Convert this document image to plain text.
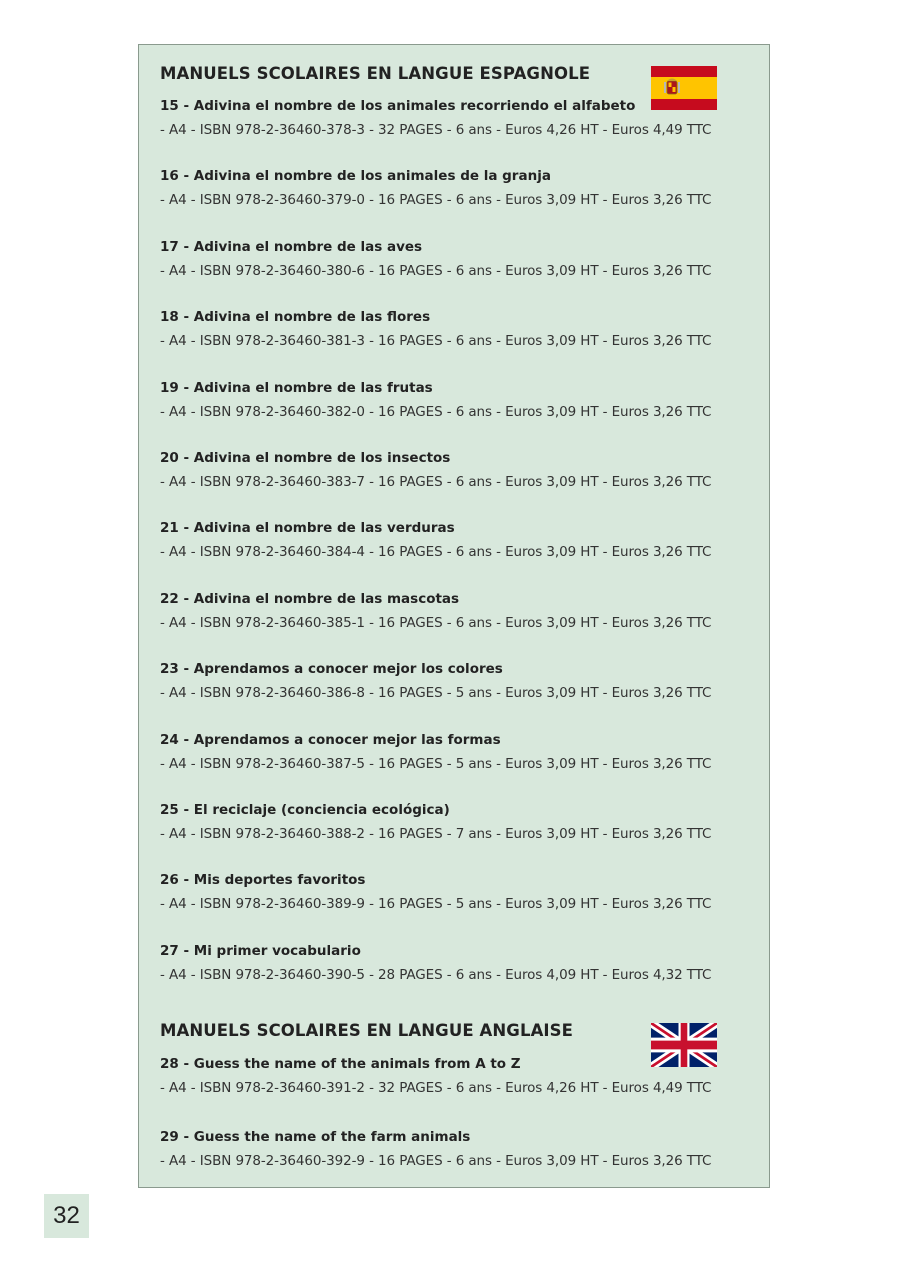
MANUELS SCOLAIRES EN LANGUE ESPAGNOLE
15 - Adivina el nombre de los animales recorriendo el alfabeto
- A4 - ISBN 978-2-36460-378-3 - 32 PAGES - 6 ans - Euros 4,26 HT - Euros 4,49 TTC
16 - Adivina el nombre de los animales de la granja
- A4 - ISBN 978-2-36460-379-0 - 16 PAGES - 6 ans - Euros 3,09 HT - Euros 3,26 TTC
17 - Adivina el nombre de las aves
- A4 - ISBN 978-2-36460-380-6 - 16 PAGES - 6 ans - Euros 3,09 HT - Euros 3,26 TTC
18 - Adivina el nombre de las flores
- A4 - ISBN 978-2-36460-381-3 - 16 PAGES - 6 ans - Euros 3,09 HT - Euros 3,26 TTC
19 - Adivina el nombre de las frutas
- A4 - ISBN 978-2-36460-382-0 - 16 PAGES - 6 ans - Euros 3,09 HT - Euros 3,26 TTC
20 - Adivina el nombre de los insectos
- A4 - ISBN 978-2-36460-383-7 - 16 PAGES - 6 ans - Euros 3,09 HT - Euros 3,26 TTC
21 - Adivina el nombre de las verduras
- A4 - ISBN 978-2-36460-384-4 - 16 PAGES - 6 ans - Euros 3,09 HT - Euros 3,26 TTC
22 - Adivina el nombre de las mascotas
- A4 - ISBN 978-2-36460-385-1 - 16 PAGES - 6 ans - Euros 3,09 HT - Euros 3,26 TTC
23 - Aprendamos a conocer mejor los colores
- A4 - ISBN 978-2-36460-386-8 - 16 PAGES - 5 ans - Euros 3,09 HT - Euros 3,26 TTC
24 - Aprendamos a conocer mejor las formas
- A4 - ISBN 978-2-36460-387-5 - 16 PAGES - 5 ans - Euros 3,09 HT - Euros 3,26 TTC
25 - El reciclaje (conciencia ecológica)
- A4 - ISBN 978-2-36460-388-2 - 16 PAGES - 7 ans - Euros 3,09 HT - Euros 3,26 TTC
26 - Mis deportes favoritos
- A4 - ISBN 978-2-36460-389-9 - 16 PAGES - 5 ans - Euros 3,09 HT - Euros 3,26 TTC
27 - Mi primer vocabulario
- A4 - ISBN 978-2-36460-390-5 - 28 PAGES - 6 ans - Euros 4,09 HT - Euros 4,32 TTC
MANUELS SCOLAIRES EN LANGUE ANGLAISE
28 - Guess the name of the animals from A to Z
- A4 - ISBN 978-2-36460-391-2 - 32 PAGES - 6 ans - Euros 4,26 HT - Euros 4,49 TTC
29 - Guess the name of the farm animals
- A4 - ISBN 978-2-36460-392-9 - 16 PAGES - 6 ans - Euros 3,09 HT - Euros 3,26 TTC
32
